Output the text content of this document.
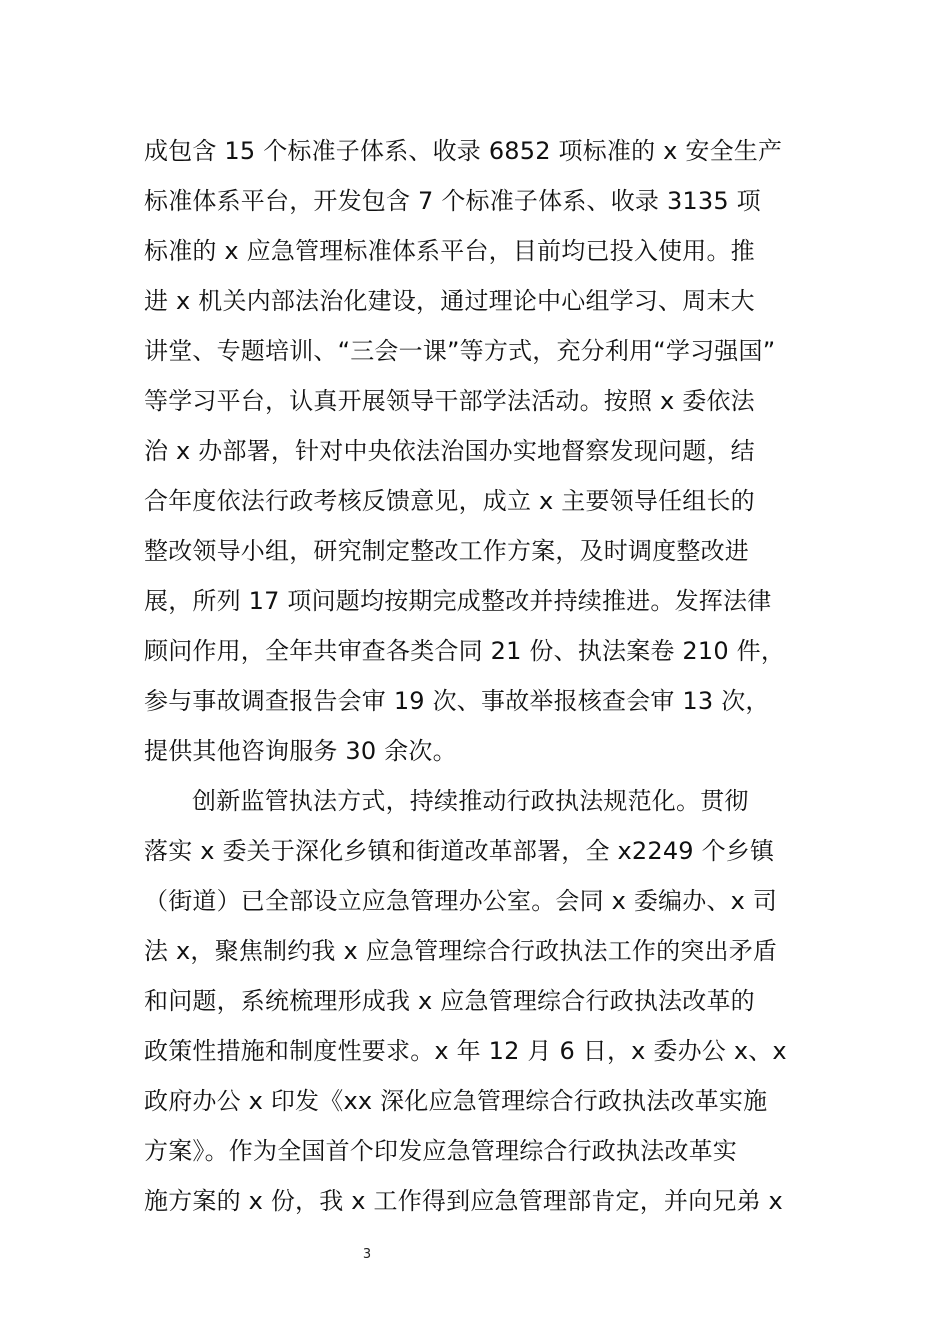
成包含 15 个标准子体系、收录 6852 项标准的 x 安全生产
标准体系平台，开发包含 7 个标准子体系、收录 3135 项
标准的 x 应急管理标准体系平台，目前均已投入使用。推
进 x 机关内部法治化建设，通过理论中心组学习、周末大
讲堂、专题培训、“三会一课”等方式，充分利用“学习强国”
等学习平台，认真开展领导干部学法活动。按照 x 委依法
治 x 办部署，针对中央依法治国办实地督察发现问题，结
合年度依法行政考核反馈意见，成立 x 主要领导任组长的
整改领导小组，研究制定整改工作方案，及时调度整改进
展，所列 17 项问题均按期完成整改并持续推进。发挥法律
顾问作用，全年共审查各类合同 21 份、执法案卷 210 件，
参与事故调查报告会审 19 次、事故举报核查会审 13 次，
提供其他咨询服务 30 余次。
创新监管执法方式，持续推动行政执法规范化。贯彻
落实 x 委关于深化乡镇和街道改革部署，全 x2249 个乡镇
（街道）已全部设立应急管理办公室。会同 x 委编办、x 司
法 x，聚焦制约我 x 应急管理综合行政执法工作的突出矛盾
和问题，系统梳理形成我 x 应急管理综合行政执法改革的
政策性措施和制度性要求。x 年 12 月 6 日，x 委办公 x、x
政府办公 x 印发《xx 深化应急管理综合行政执法改革实施
方案》。作为全国首个印发应急管理综合行政执法改革实
施方案的 x 份，我 x 工作得到应急管理部肯定，并向兄弟 x
3
